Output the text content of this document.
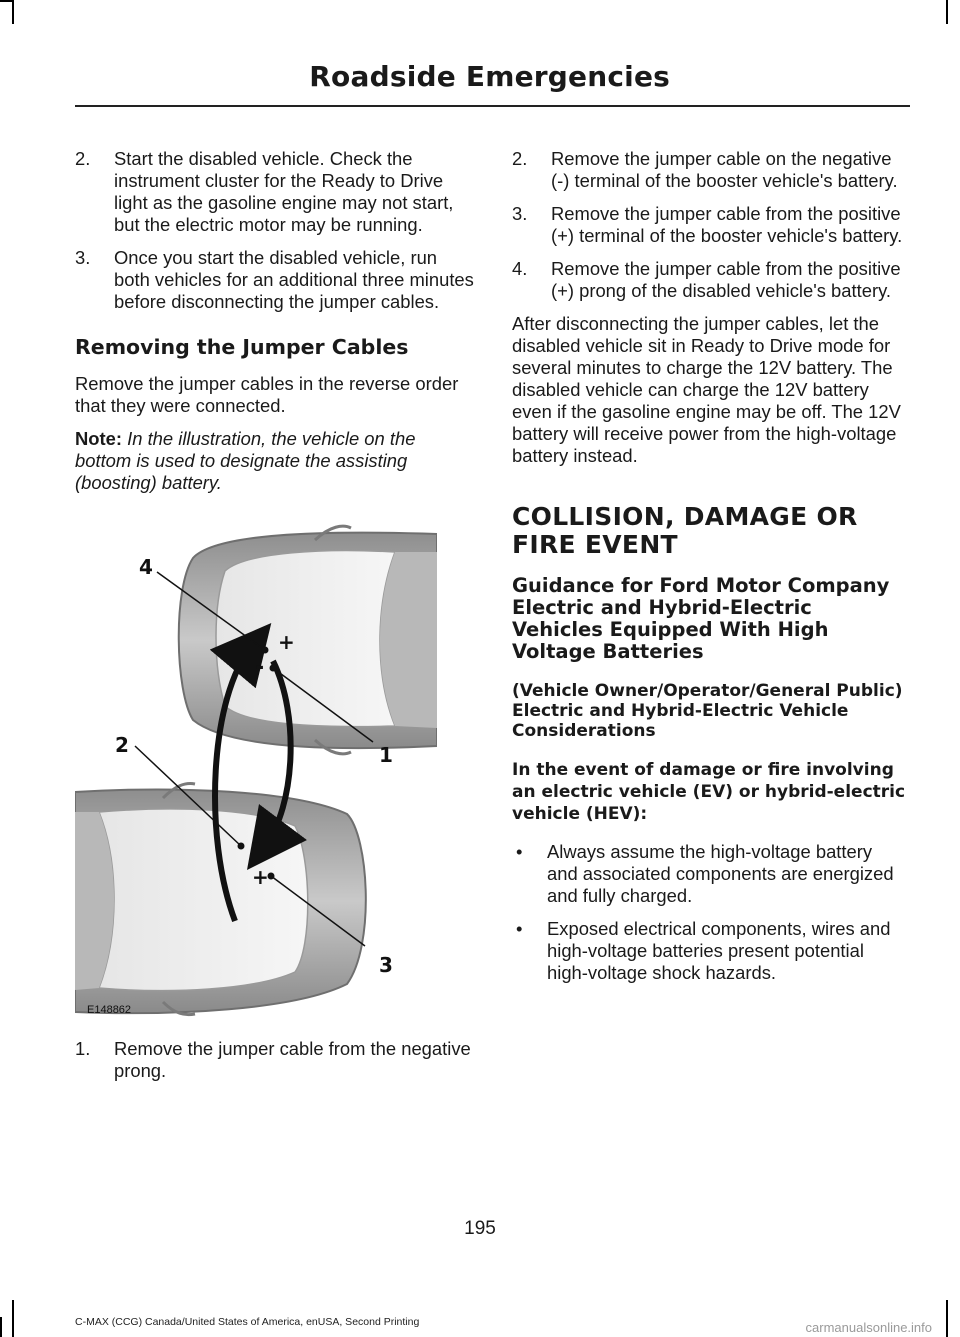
Roadside Emergencies
2. Start the disabled vehicle. Check the instrument cluster for the Ready to Drive light as the gasoline engine may not start, but the electric motor may be running.
3. Once you start the disabled vehicle, run both vehicles for an additional three minutes before disconnecting the jumper cables.
Removing the Jumper Cables

Remove the jumper cables in the reverse order that they were connected.

Note: In the illustration, the vehicle on the bottom is used to designate the assisting (boosting) battery.

+
-
-
+
4
2	1
3
E148862
1. Remove the jumper cable from the negative prong.
2. Remove the jumper cable on the negative (-) terminal of the booster vehicle's battery.
3. Remove the jumper cable from the positive (+) terminal of the booster vehicle's battery.
4. Remove the jumper cable from the positive (+) prong of the disabled vehicle's battery.

After disconnecting the jumper cables, let the disabled vehicle sit in Ready to Drive mode for several minutes to charge the 12V battery. The disabled vehicle can charge the 12V battery even if the gasoline engine may be off. The 12V battery will receive power from the high-voltage battery instead.

COLLISION, DAMAGE OR FIRE EVENT
Guidance for Ford Motor Company Electric and Hybrid-Electric Vehicles Equipped With High Voltage Batteries
(Vehicle Owner/Operator/General Public)
Electric and Hybrid-Electric Vehicle Considerations
In the event of damage or fire involving an electric vehicle (EV) or hybrid-electric vehicle (HEV):
• Always assume the high-voltage battery and associated components are energized and fully charged.
• Exposed electrical components, wires and high-voltage batteries present potential high-voltage shock hazards.
195
C-MAX (CCG) Canada/United States of America, enUSA, Second Printing	carmanualsonline.info
